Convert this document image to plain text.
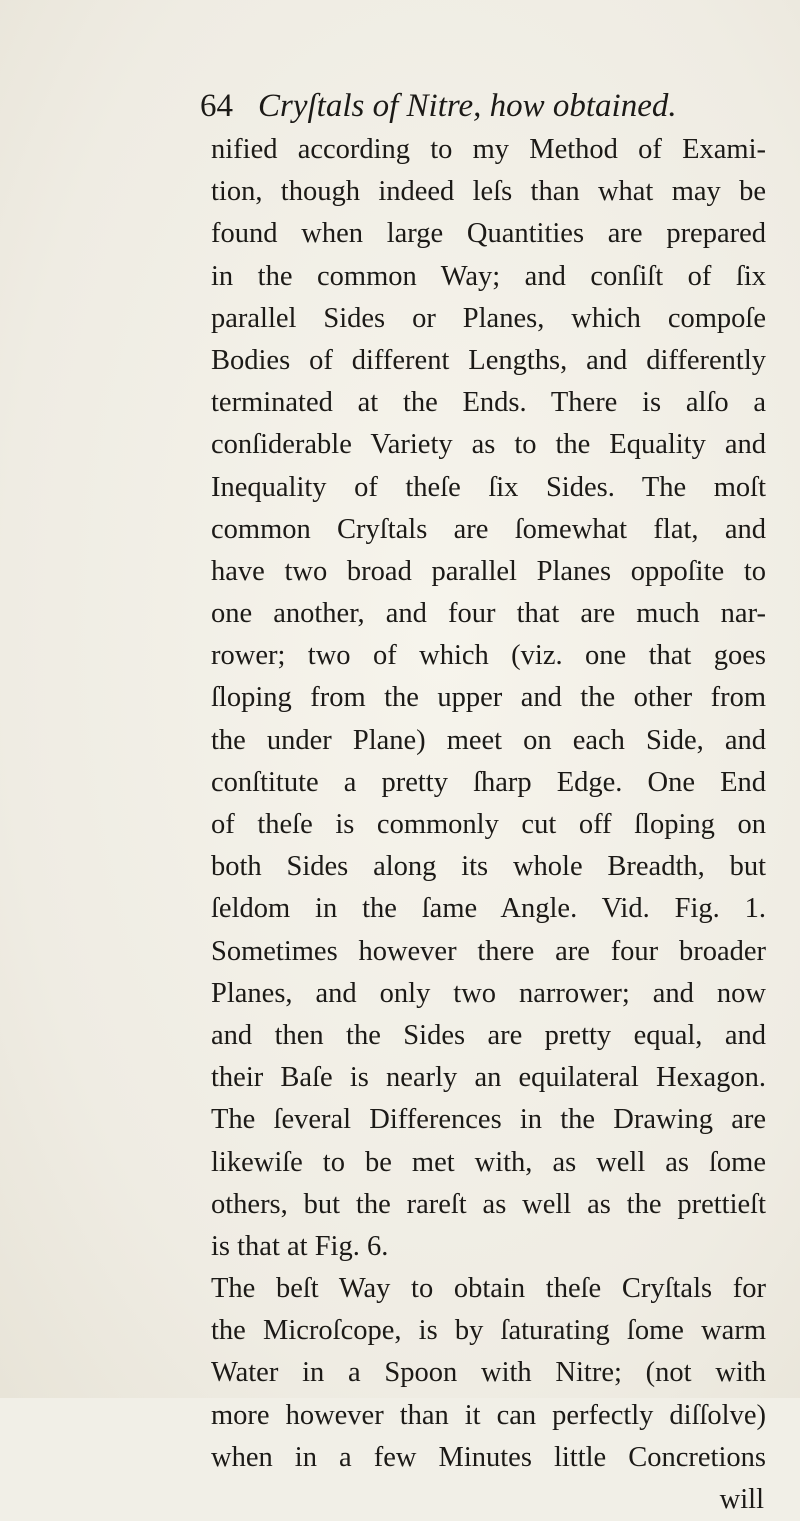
64 Cryſtals of Nitre, how obtained.
nified according to my Method of Exami-
tion, though indeed leſs than what may be
found when large Quantities are prepared
in the common Way; and conſiſt of ſix
parallel Sides or Planes, which compoſe
Bodies of different Lengths, and differently
terminated at the Ends. There is alſo a
conſiderable Variety as to the Equality and
Inequality of theſe ſix Sides. The moſt
common Cryſtals are ſomewhat flat, and
have two broad parallel Planes oppoſite to
one another, and four that are much nar-
rower; two of which (viz. one that goes
ſloping from the upper and the other from
the under Plane) meet on each Side, and
conſtitute a pretty ſharp Edge. One End
of theſe is commonly cut off ſloping on
both Sides along its whole Breadth, but
ſeldom in the ſame Angle. Vid. Fig. 1.
Sometimes however there are four broader
Planes, and only two narrower; and now
and then the Sides are pretty equal, and
their Baſe is nearly an equilateral Hexagon.
The ſeveral Differences in the Drawing are
likewiſe to be met with, as well as ſome
others, but the rareſt as well as the prettieſt
is that at Fig. 6.
The beſt Way to obtain theſe Cryſtals for
the Microſcope, is by ſaturating ſome warm
Water in a Spoon with Nitre; (not with
more however than it can perfectly diſſolve)
when in a few Minutes little Concretions
will
